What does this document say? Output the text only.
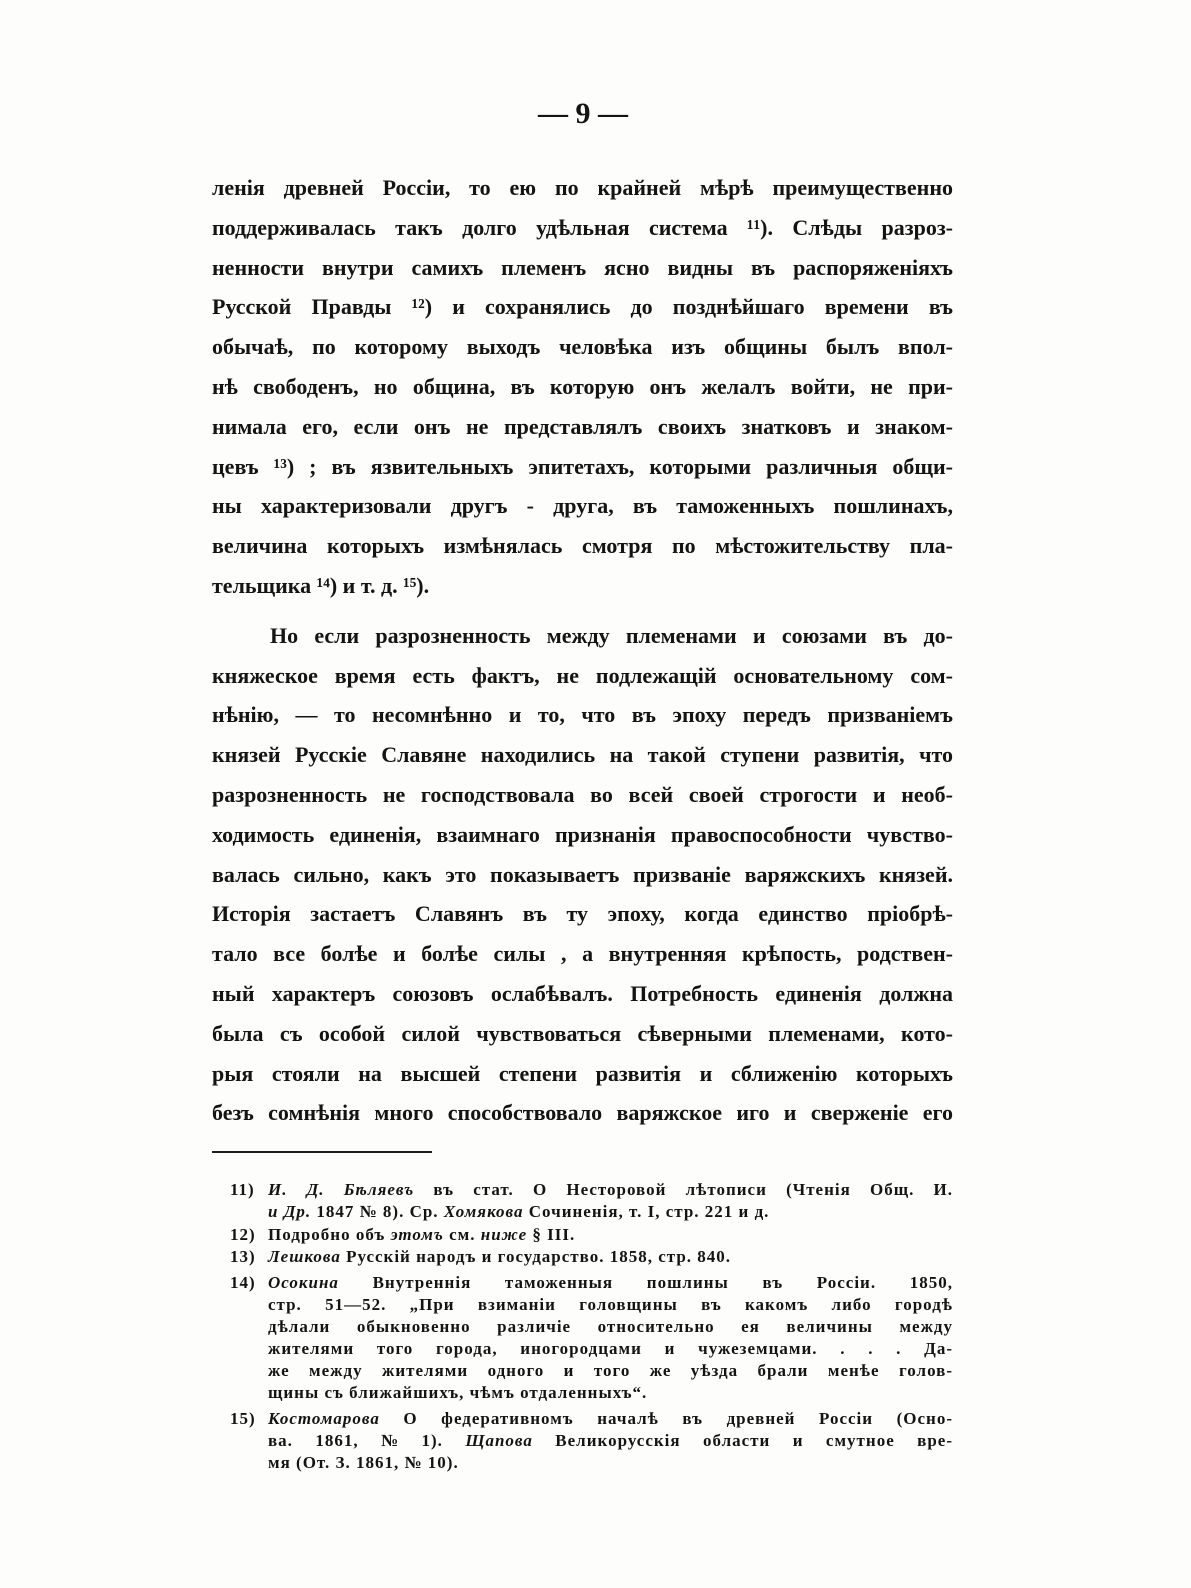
— 9 —
ленія древней Россіи, то ею по крайней мѣрѣ преимущественно
поддерживалась такъ долго удѣльная система ¹¹). Слѣды разроз-
ненности внутри самихъ племенъ ясно видны въ распоряженіяхъ
Русской Правды ¹²) и сохранялись до позднѣйшаго времени въ
обычаѣ, по которому выходъ человѣка изъ общины былъ впол-
нѣ свободенъ, но община, въ которую онъ желалъ войти, не при-
нимала его, если онъ не представлялъ своихъ знатковъ и знаком-
цевъ ¹³) ; въ язвительныхъ эпитетахъ, которыми различныя общи-
ны характеризовали другъ - друга, въ таможенныхъ пошлинахъ,
величина которыхъ измѣнялась смотря по мѣстожительству пла-
тельщика ¹⁴) и т. д. ¹⁵).
Но если разрозненность между племенами и союзами въ до-
княжеское время есть фактъ, не подлежащій основательному сом-
нѣнію, — то несомнѣнно и то, что въ эпоху передъ призваніемъ
князей Русскіе Славяне находились на такой ступени развитія, что
разрозненность не господствовала во всей своей строгости и необ-
ходимость единенія, взаимнаго признанія правоспособности чувство-
валась сильно, какъ это показываетъ призваніе варяжскихъ князей.
Исторія застаетъ Славянъ въ ту эпоху, когда единство пріобрѣ-
тало все болѣе и болѣе силы , а внутренняя крѣпость, родствен-
ный характеръ союзовъ ослабѣвалъ. Потребность единенія должна
была съ особой силой чувствоваться сѣверными племенами, кото-
рыя стояли на высшей степени развитія и сближенію которыхъ
безъ сомнѣнія много способствовало варяжское иго и сверженіе его
11) И. Д. Бѣляевъ въ стат. О Несторовой лѣтописи (Чтенія Общ. И.
и Др. 1847 № 8). Ср. Хомякова Сочиненія, т. I, стр. 221 и д.
12) Подробно объ этомъ см. ниже § III.
13) Лешкова Русскій народъ и государство. 1858, стр. 840.
14) Осокина Внутреннія таможенныя пошлины въ Россіи. 1850,
стр. 51—52. „При взиманіи головщины въ какомъ либо городѣ
дѣлали обыкновенно различіе относительно ея величины между
жителями того города, иногородцами и чужеземцами. . . . Да-
же между жителями одного и того же уѣзда брали менѣе голов-
щины съ ближайшихъ, чѣмъ отдаленныхъ“.
15) Костомарова О федеративномъ началѣ въ древней Россіи (Осно-
ва. 1861, № 1). Щапова Великорусскія области и смутное вре-
мя (От. З. 1861, № 10).
